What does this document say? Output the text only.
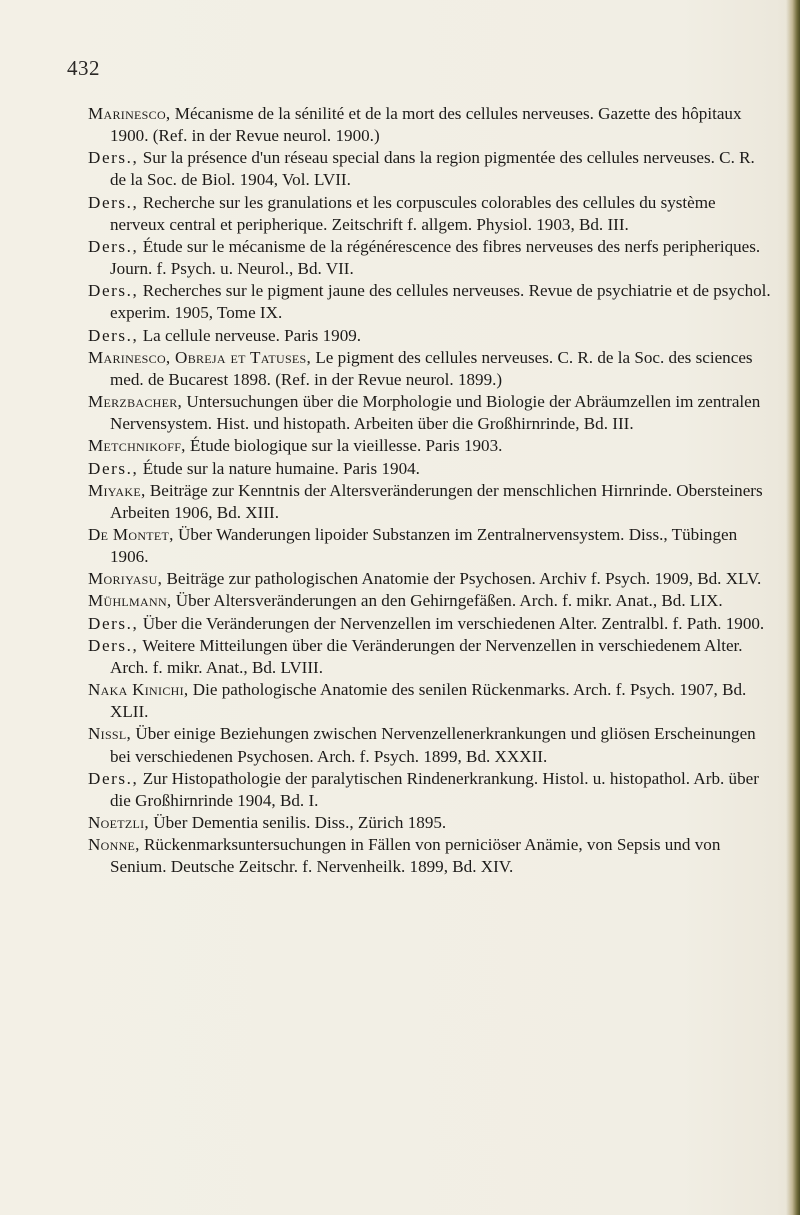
432

Marinesco, Mécanisme de la sénilité et de la mort des cellules nerveuses. Gazette des hôpitaux 1900. (Ref. in der Revue neurol. 1900.)

Ders., Sur la présence d'un réseau special dans la region pigmentée des cellules nerveuses. C. R. de la Soc. de Biol. 1904, Vol. LVII.

Ders., Recherche sur les granulations et les corpuscules colorables des cellules du système nerveux central et peripherique. Zeitschrift f. allgem. Physiol. 1903, Bd. III.

Ders., Étude sur le mécanisme de la régénérescence des fibres nerveuses des nerfs peripheriques. Journ. f. Psych. u. Neurol., Bd. VII.

Ders., Recherches sur le pigment jaune des cellules nerveuses. Revue de psychiatrie et de psychol. experim. 1905, Tome IX.

Ders., La cellule nerveuse. Paris 1909.

Marinesco, Obreja et Tatuses, Le pigment des cellules nerveuses. C. R. de la Soc. des sciences med. de Bucarest 1898. (Ref. in der Revue neurol. 1899.)

Merzbacher, Untersuchungen über die Morphologie und Biologie der Abräumzellen im zentralen Nervensystem. Hist. und histopath. Arbeiten über die Großhirnrinde, Bd. III.

Metchnikoff, Étude biologique sur la vieillesse. Paris 1903.

Ders., Étude sur la nature humaine. Paris 1904.

Miyake, Beiträge zur Kenntnis der Altersveränderungen der menschlichen Hirnrinde. Obersteiners Arbeiten 1906, Bd. XIII.

De Montet, Über Wanderungen lipoider Substanzen im Zentralnervensystem. Diss., Tübingen 1906.

Moriyasu, Beiträge zur pathologischen Anatomie der Psychosen. Archiv f. Psych. 1909, Bd. XLV.

Mühlmann, Über Altersveränderungen an den Gehirngefäßen. Arch. f. mikr. Anat., Bd. LIX.

Ders., Über die Veränderungen der Nervenzellen im verschiedenen Alter. Zentralbl. f. Path. 1900.

Ders., Weitere Mitteilungen über die Veränderungen der Nervenzellen in verschiedenem Alter. Arch. f. mikr. Anat., Bd. LVIII.

Naka Kinichi, Die pathologische Anatomie des senilen Rückenmarks. Arch. f. Psych. 1907, Bd. XLII.

Nissl, Über einige Beziehungen zwischen Nervenzellenerkrankungen und gliösen Erscheinungen bei verschiedenen Psychosen. Arch. f. Psych. 1899, Bd. XXXII.

Ders., Zur Histopathologie der paralytischen Rindenerkrankung. Histol. u. histopathol. Arb. über die Großhirnrinde 1904, Bd. I.

Noetzli, Über Dementia senilis. Diss., Zürich 1895.

Nonne, Rückenmarksuntersuchungen in Fällen von perniciöser Anämie, von Sepsis und von Senium. Deutsche Zeitschr. f. Nervenheilk. 1899, Bd. XIV.
